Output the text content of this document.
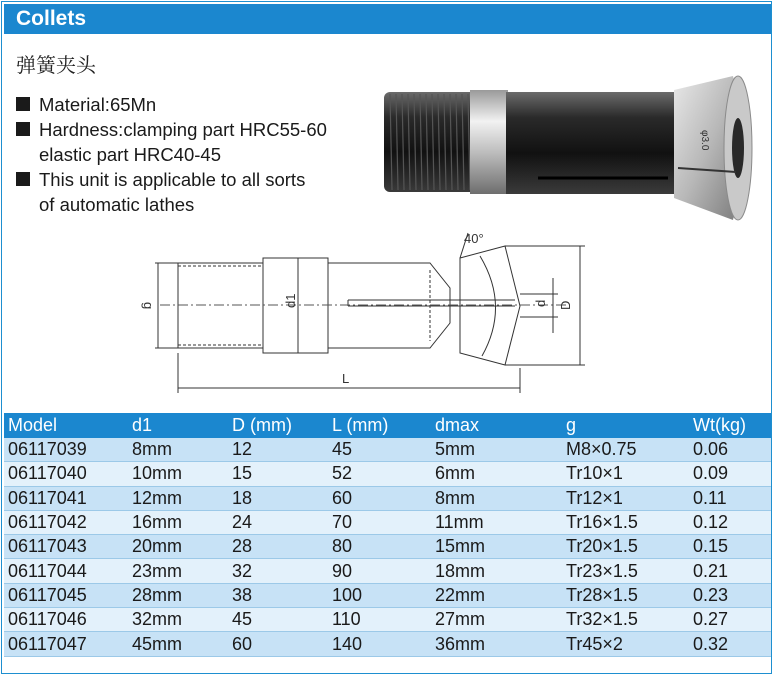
Collets
弹簧夹头
Material:65Mn
Hardness:clamping part HRC55-60
elastic part HRC40-45
This unit is applicable to all sorts
of automatic lathes
φ3.0
g	d1	d D
L
40°
Model	d1	D (mm)	L (mm)	dmax	g	Wt(kg)
06117039	8mm	12	45	5mm	M8×0.75	0.06
06117040	10mm	15	52	6mm	Tr10×1	0.09
06117041	12mm	18	60	8mm	Tr12×1	0.11
06117042	16mm	24	70	11mm	Tr16×1.5	0.12
06117043	20mm	28	80	15mm	Tr20×1.5	0.15
06117044	23mm	32	90	18mm	Tr23×1.5	0.21
06117045	28mm	38	100	22mm	Tr28×1.5	0.23
06117046	32mm	45	110	27mm	Tr32×1.5	0.27
06117047	45mm	60	140	36mm	Tr45×2	0.32
